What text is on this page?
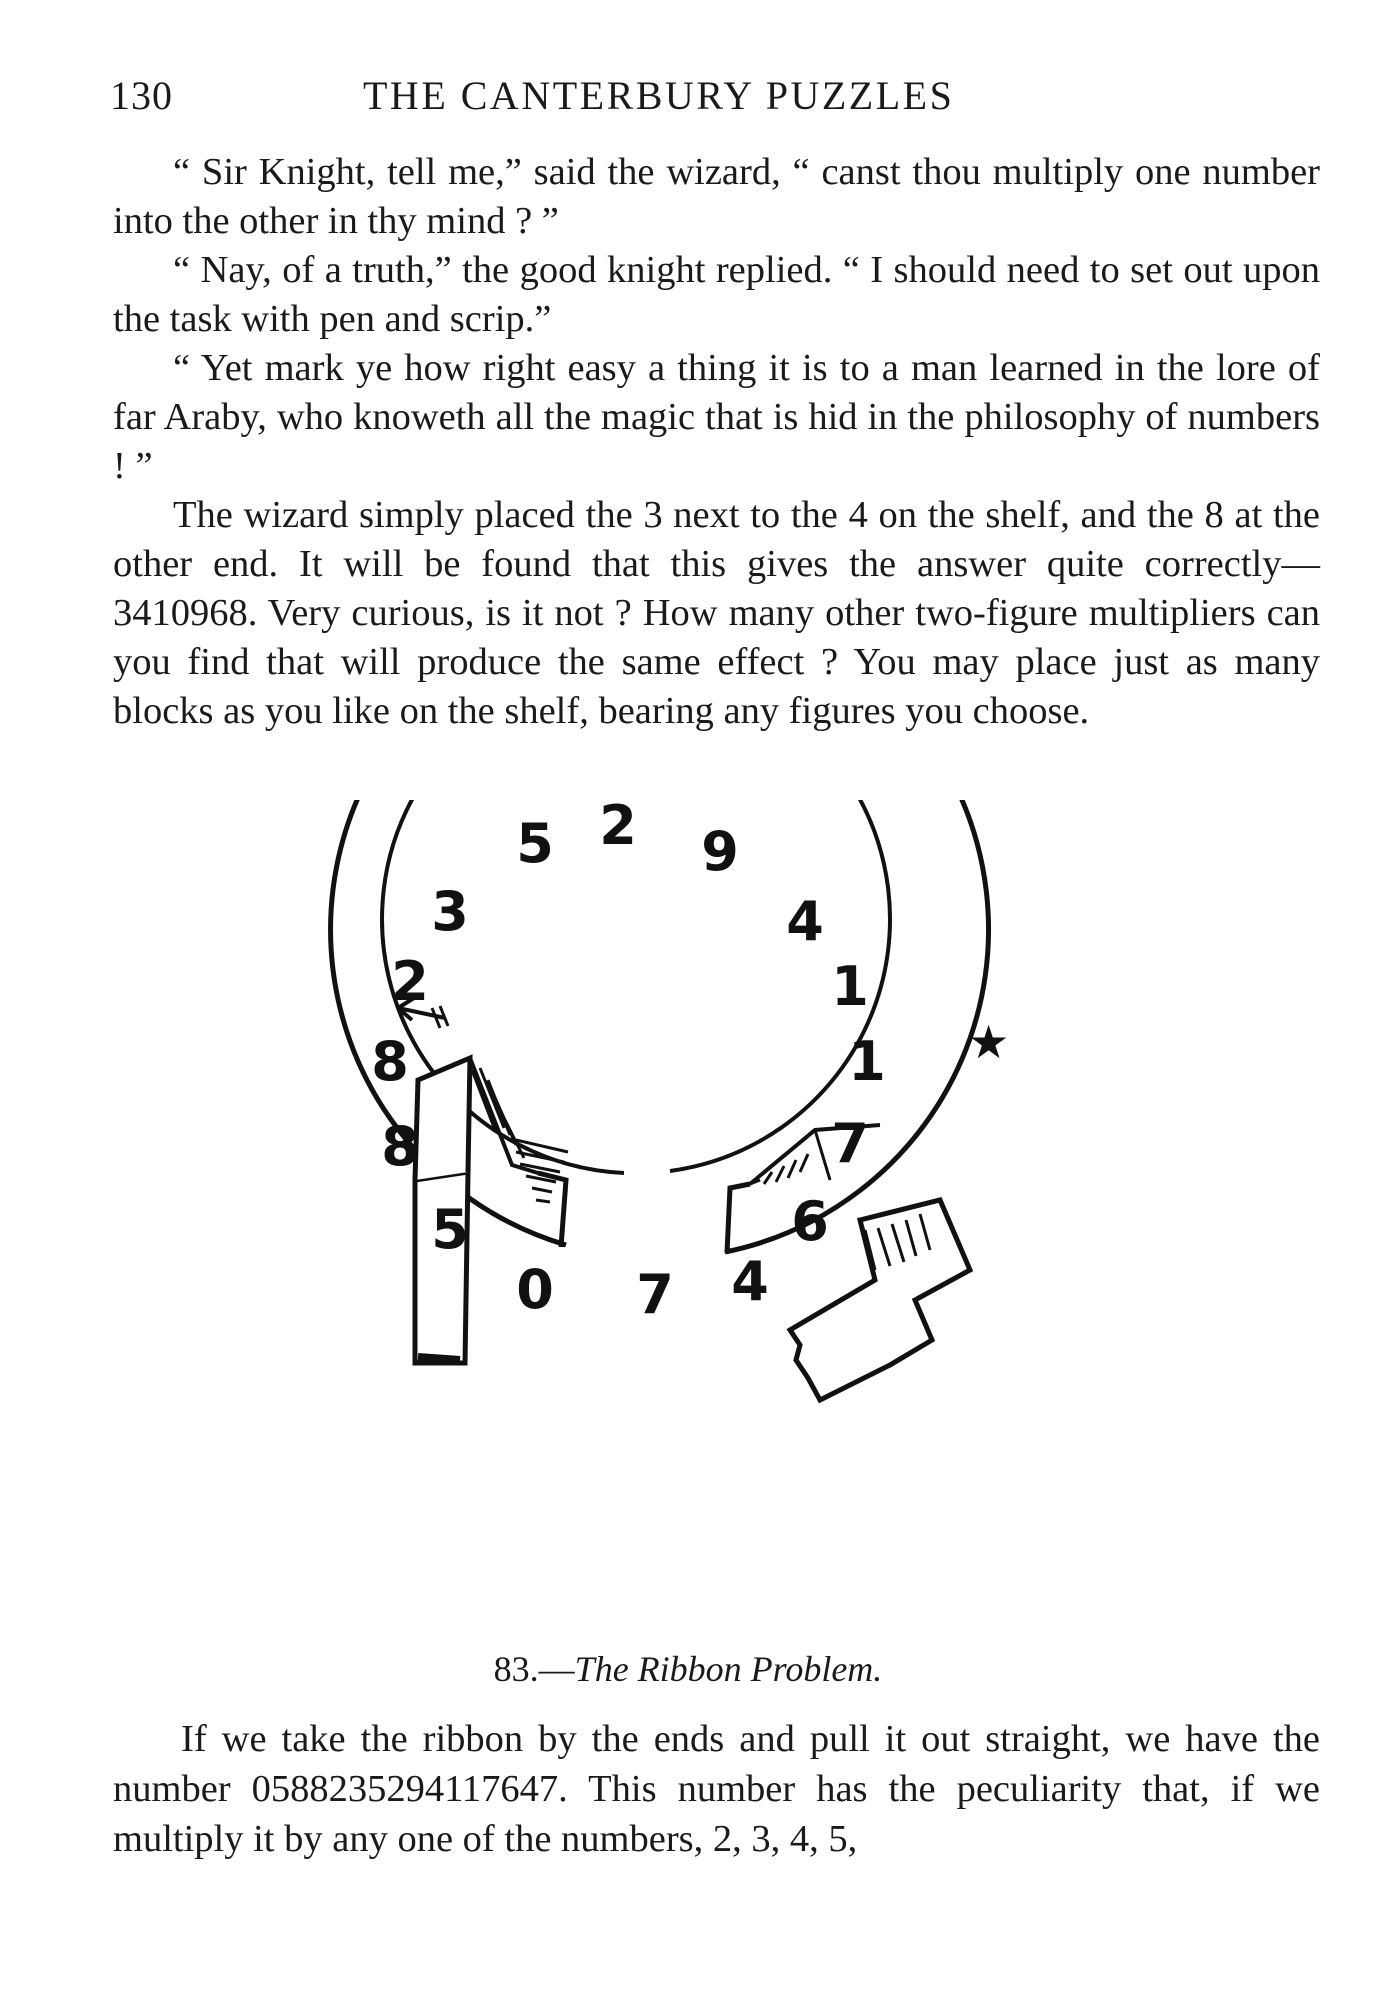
130	THE CANTERBURY PUZZLES

“ Sir Knight, tell me,” said the wizard, “ canst thou multiply one number into the other in thy mind ? ”

“ Nay, of a truth,” the good knight replied. “ I should need to set out upon the task with pen and scrip.”

“ Yet mark ye how right easy a thing it is to a man learned in the lore of far Araby, who knoweth all the magic that is hid in the philosophy of numbers ! ”

The wizard simply placed the 3 next to the 4 on the shelf, and the 8 at the other end. It will be found that this gives the answer quite correctly—3410968. Very curious, is it not ? How many other two-figure multipliers can you find that will produce the same effect ? You may place just as many blocks as you like on the shelf, bearing any figures you choose.

★
0
5
8
8
2
3
5 2 9
4
1
1
7
6
4
7
83.—The Ribbon Problem.

If we take the ribbon by the ends and pull it out straight, we have the number 0588235294117647. This number has the peculiarity that, if we multiply it by any one of the numbers, 2, 3, 4, 5,
